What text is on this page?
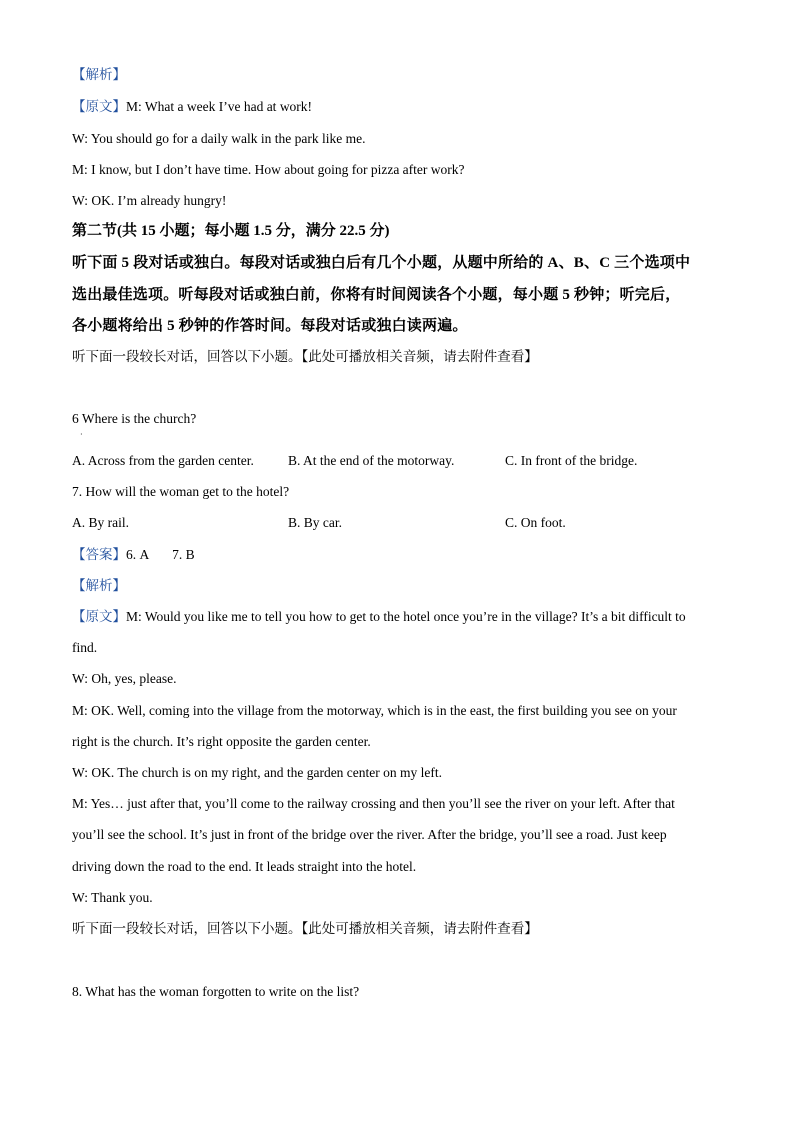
【解析】
【原文】M: What a week I’ve had at work!
W: You should go for a daily walk in the park like me.
M: I know, but I don’t have time. How about going for pizza after work?
W: OK. I’m already hungry!
第二节(共 15 小题；每小题 1.5 分，满分 22.5 分)
听下面 5 段对话或独白。每段对话或独白后有几个小题，从题中所给的 A、B、C 三个选项中
选出最佳选项。听每段对话或独白前，你将有时间阅读各个小题，每小题 5 秒钟；听完后，
各小题将给出 5 秒钟的作答时间。每段对话或独白读两遍。
听下面一段较长对话，回答以下小题。【此处可播放相关音频，请去附件查看】
6 Where is the church?
·
A. Across from the garden center.	B. At the end of the motorway.	C. In front of the bridge.
7. How will the woman get to the hotel?
A. By rail.	B. By car.	C. On foot.
【答案】6. A       7. B
【解析】
【原文】M: Would you like me to tell you how to get to the hotel once you’re in the village? It’s a bit difficult to
find.
W: Oh, yes, please.
M: OK. Well, coming into the village from the motorway, which is in the east, the first building you see on your
right is the church. It’s right opposite the garden center.
W: OK. The church is on my right, and the garden center on my left.
M: Yes… just after that, you’ll come to the railway crossing and then you’ll see the river on your left. After that
you’ll see the school. It’s just in front of the bridge over the river. After the bridge, you’ll see a road. Just keep
driving down the road to the end. It leads straight into the hotel.
W: Thank you.
听下面一段较长对话，回答以下小题。【此处可播放相关音频，请去附件查看】
8. What has the woman forgotten to write on the list?
